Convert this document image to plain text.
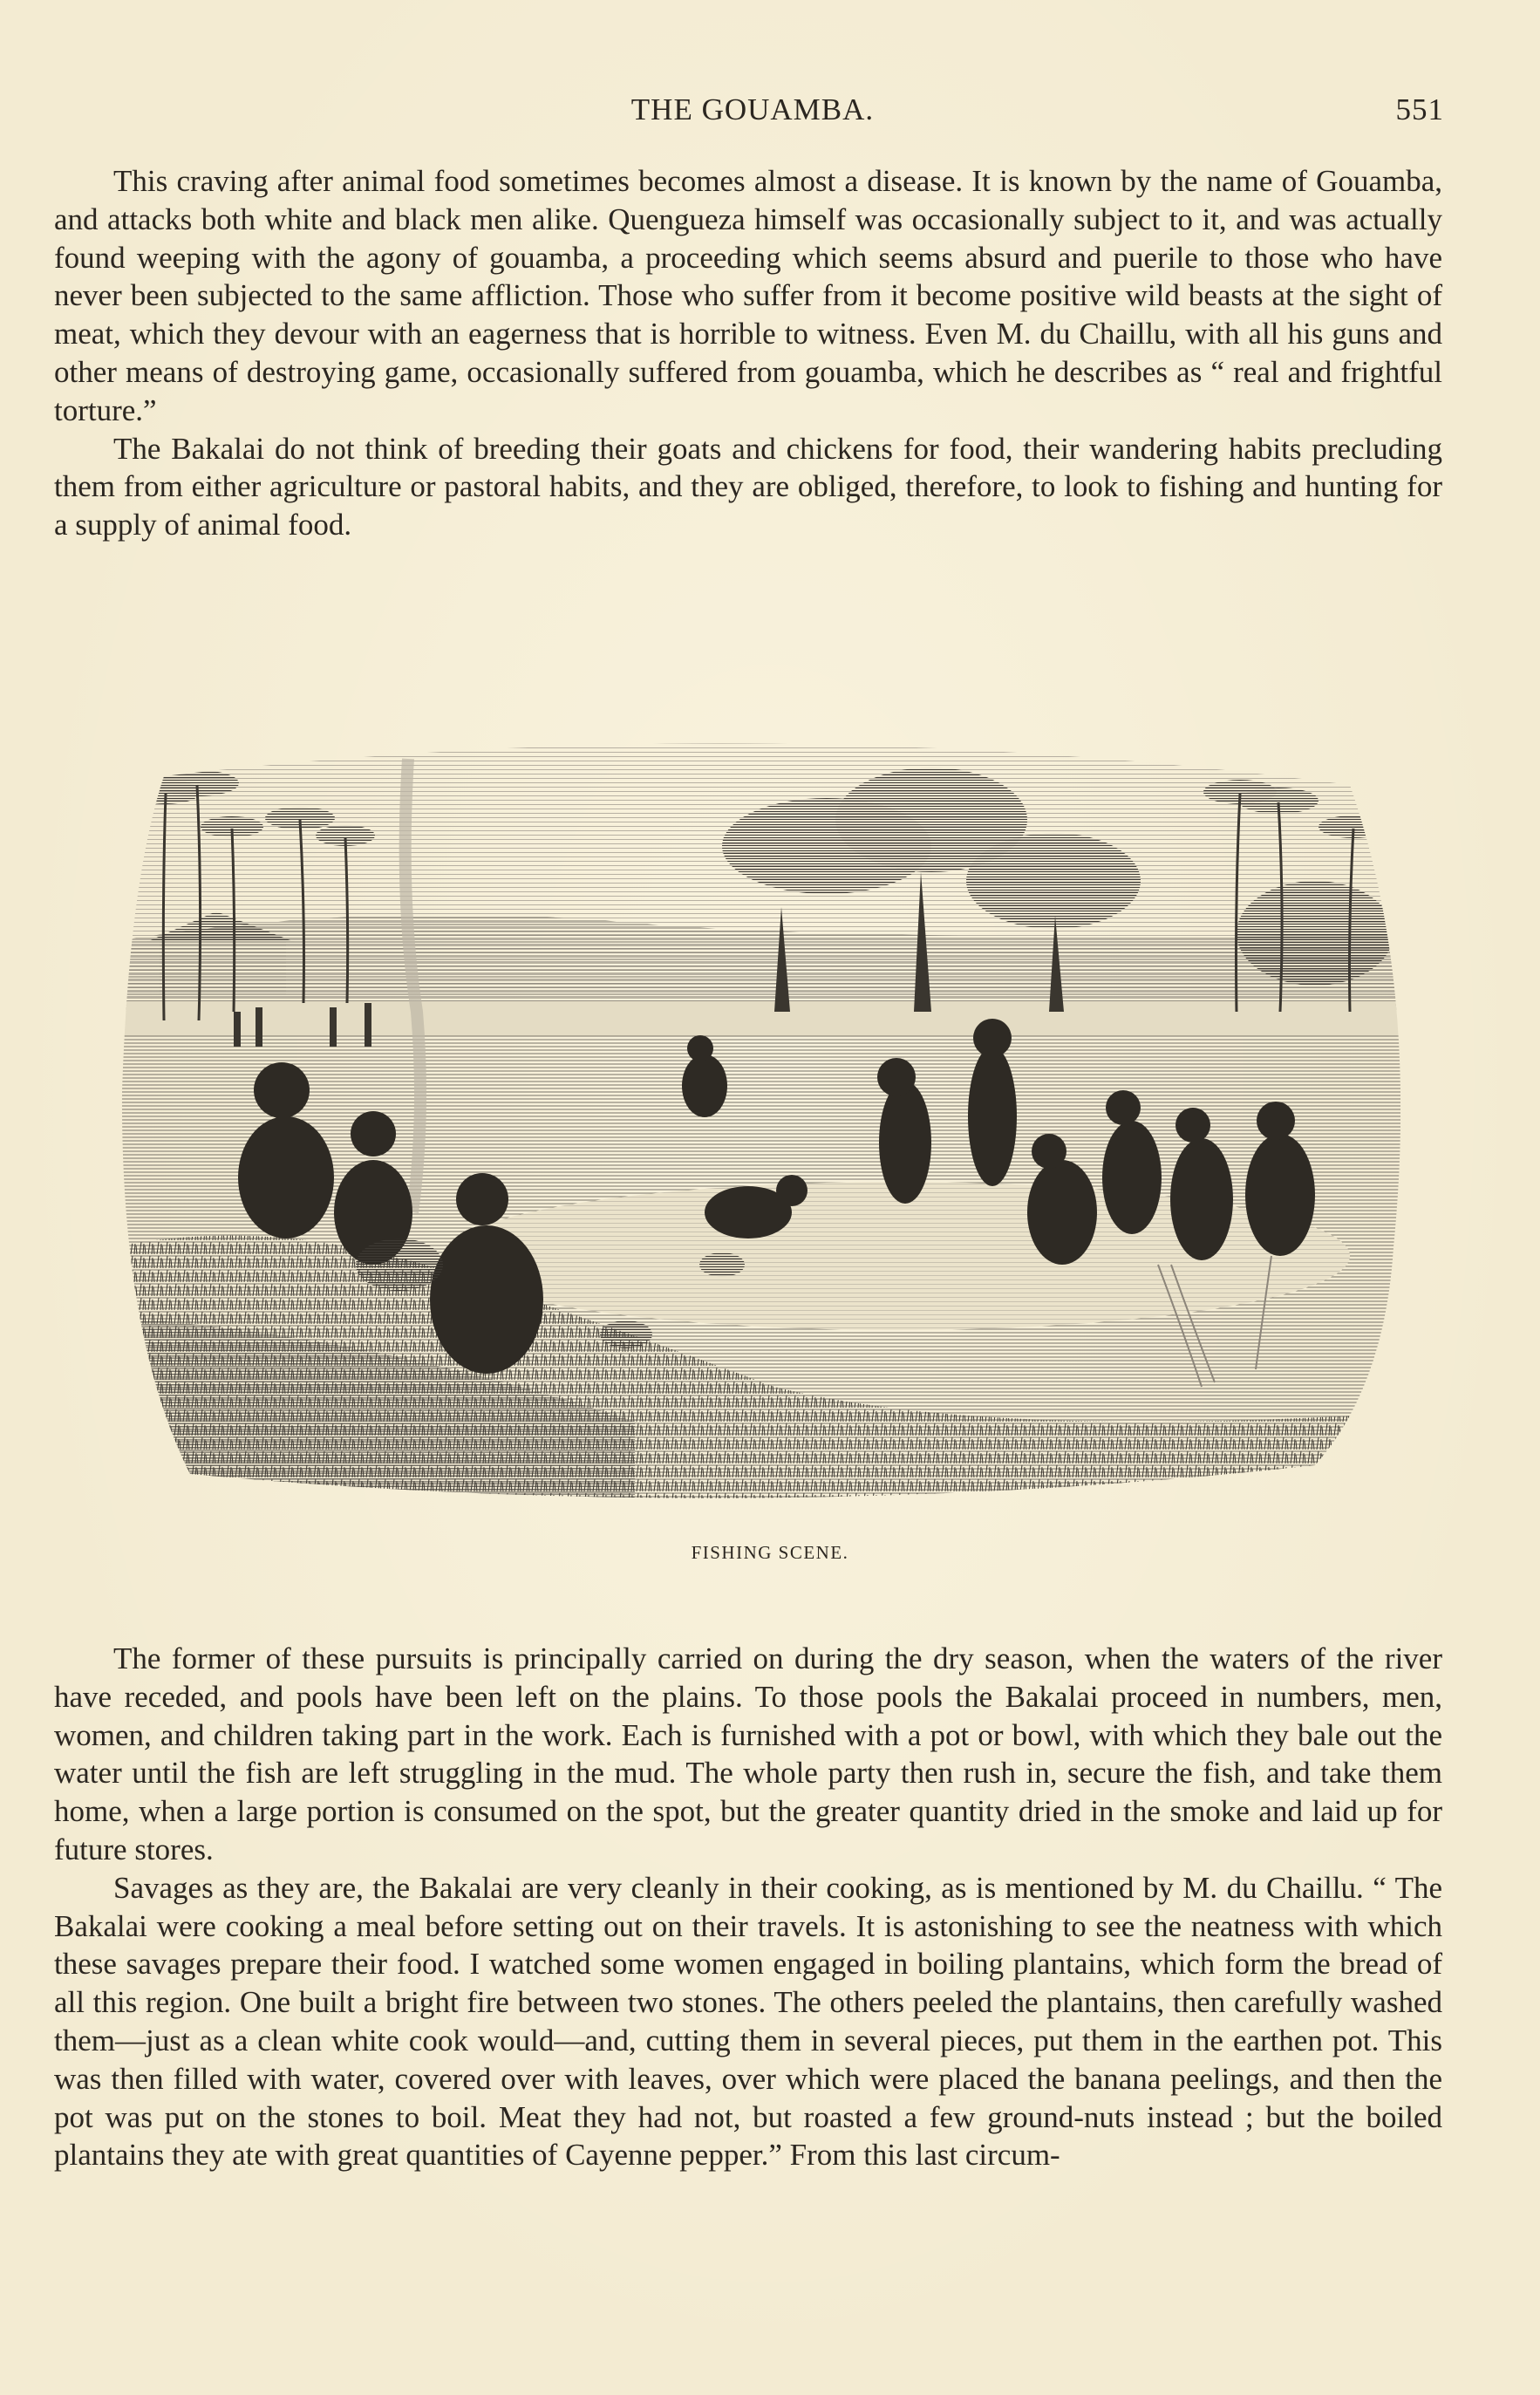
THE GOUAMBA.	551

This craving after animal food sometimes becomes almost a disease. It is known by the name of Gouamba, and attacks both white and black men alike. Quengueza himself was occasionally subject to it, and was actually found weeping with the agony of gouamba, a proceeding which seems absurd and puerile to those who have never been subjected to the same affliction. Those who suffer from it become positive wild beasts at the sight of meat, which they devour with an eagerness that is horrible to witness. Even M. du Chaillu, with all his guns and other means of destroying game, occasionally suffered from gouamba, which he describes as “ real and frightful torture.”

The Bakalai do not think of breeding their goats and chickens for food, their wandering habits precluding them from either agriculture or pastoral habits, and they are obliged, therefore, to look to fishing and hunting for a supply of animal food.

FISHING SCENE.

The former of these pursuits is principally carried on during the dry season, when the waters of the river have receded, and pools have been left on the plains. To those pools the Bakalai proceed in numbers, men, women, and children taking part in the work. Each is furnished with a pot or bowl, with which they bale out the water until the fish are left struggling in the mud. The whole party then rush in, secure the fish, and take them home, when a large portion is consumed on the spot, but the greater quantity dried in the smoke and laid up for future stores.

Savages as they are, the Bakalai are very cleanly in their cooking, as is mentioned by M. du Chaillu. “ The Bakalai were cooking a meal before setting out on their travels. It is astonishing to see the neatness with which these savages prepare their food. I watched some women engaged in boiling plantains, which form the bread of all this region. One built a bright fire between two stones. The others peeled the plantains, then carefully washed them—just as a clean white cook would—and, cutting them in several pieces, put them in the earthen pot. This was then filled with water, covered over with leaves, over which were placed the banana peelings, and then the pot was put on the stones to boil. Meat they had not, but roasted a few ground-nuts instead ; but the boiled plantains they ate with great quantities of Cayenne pepper.” From this last circum-
